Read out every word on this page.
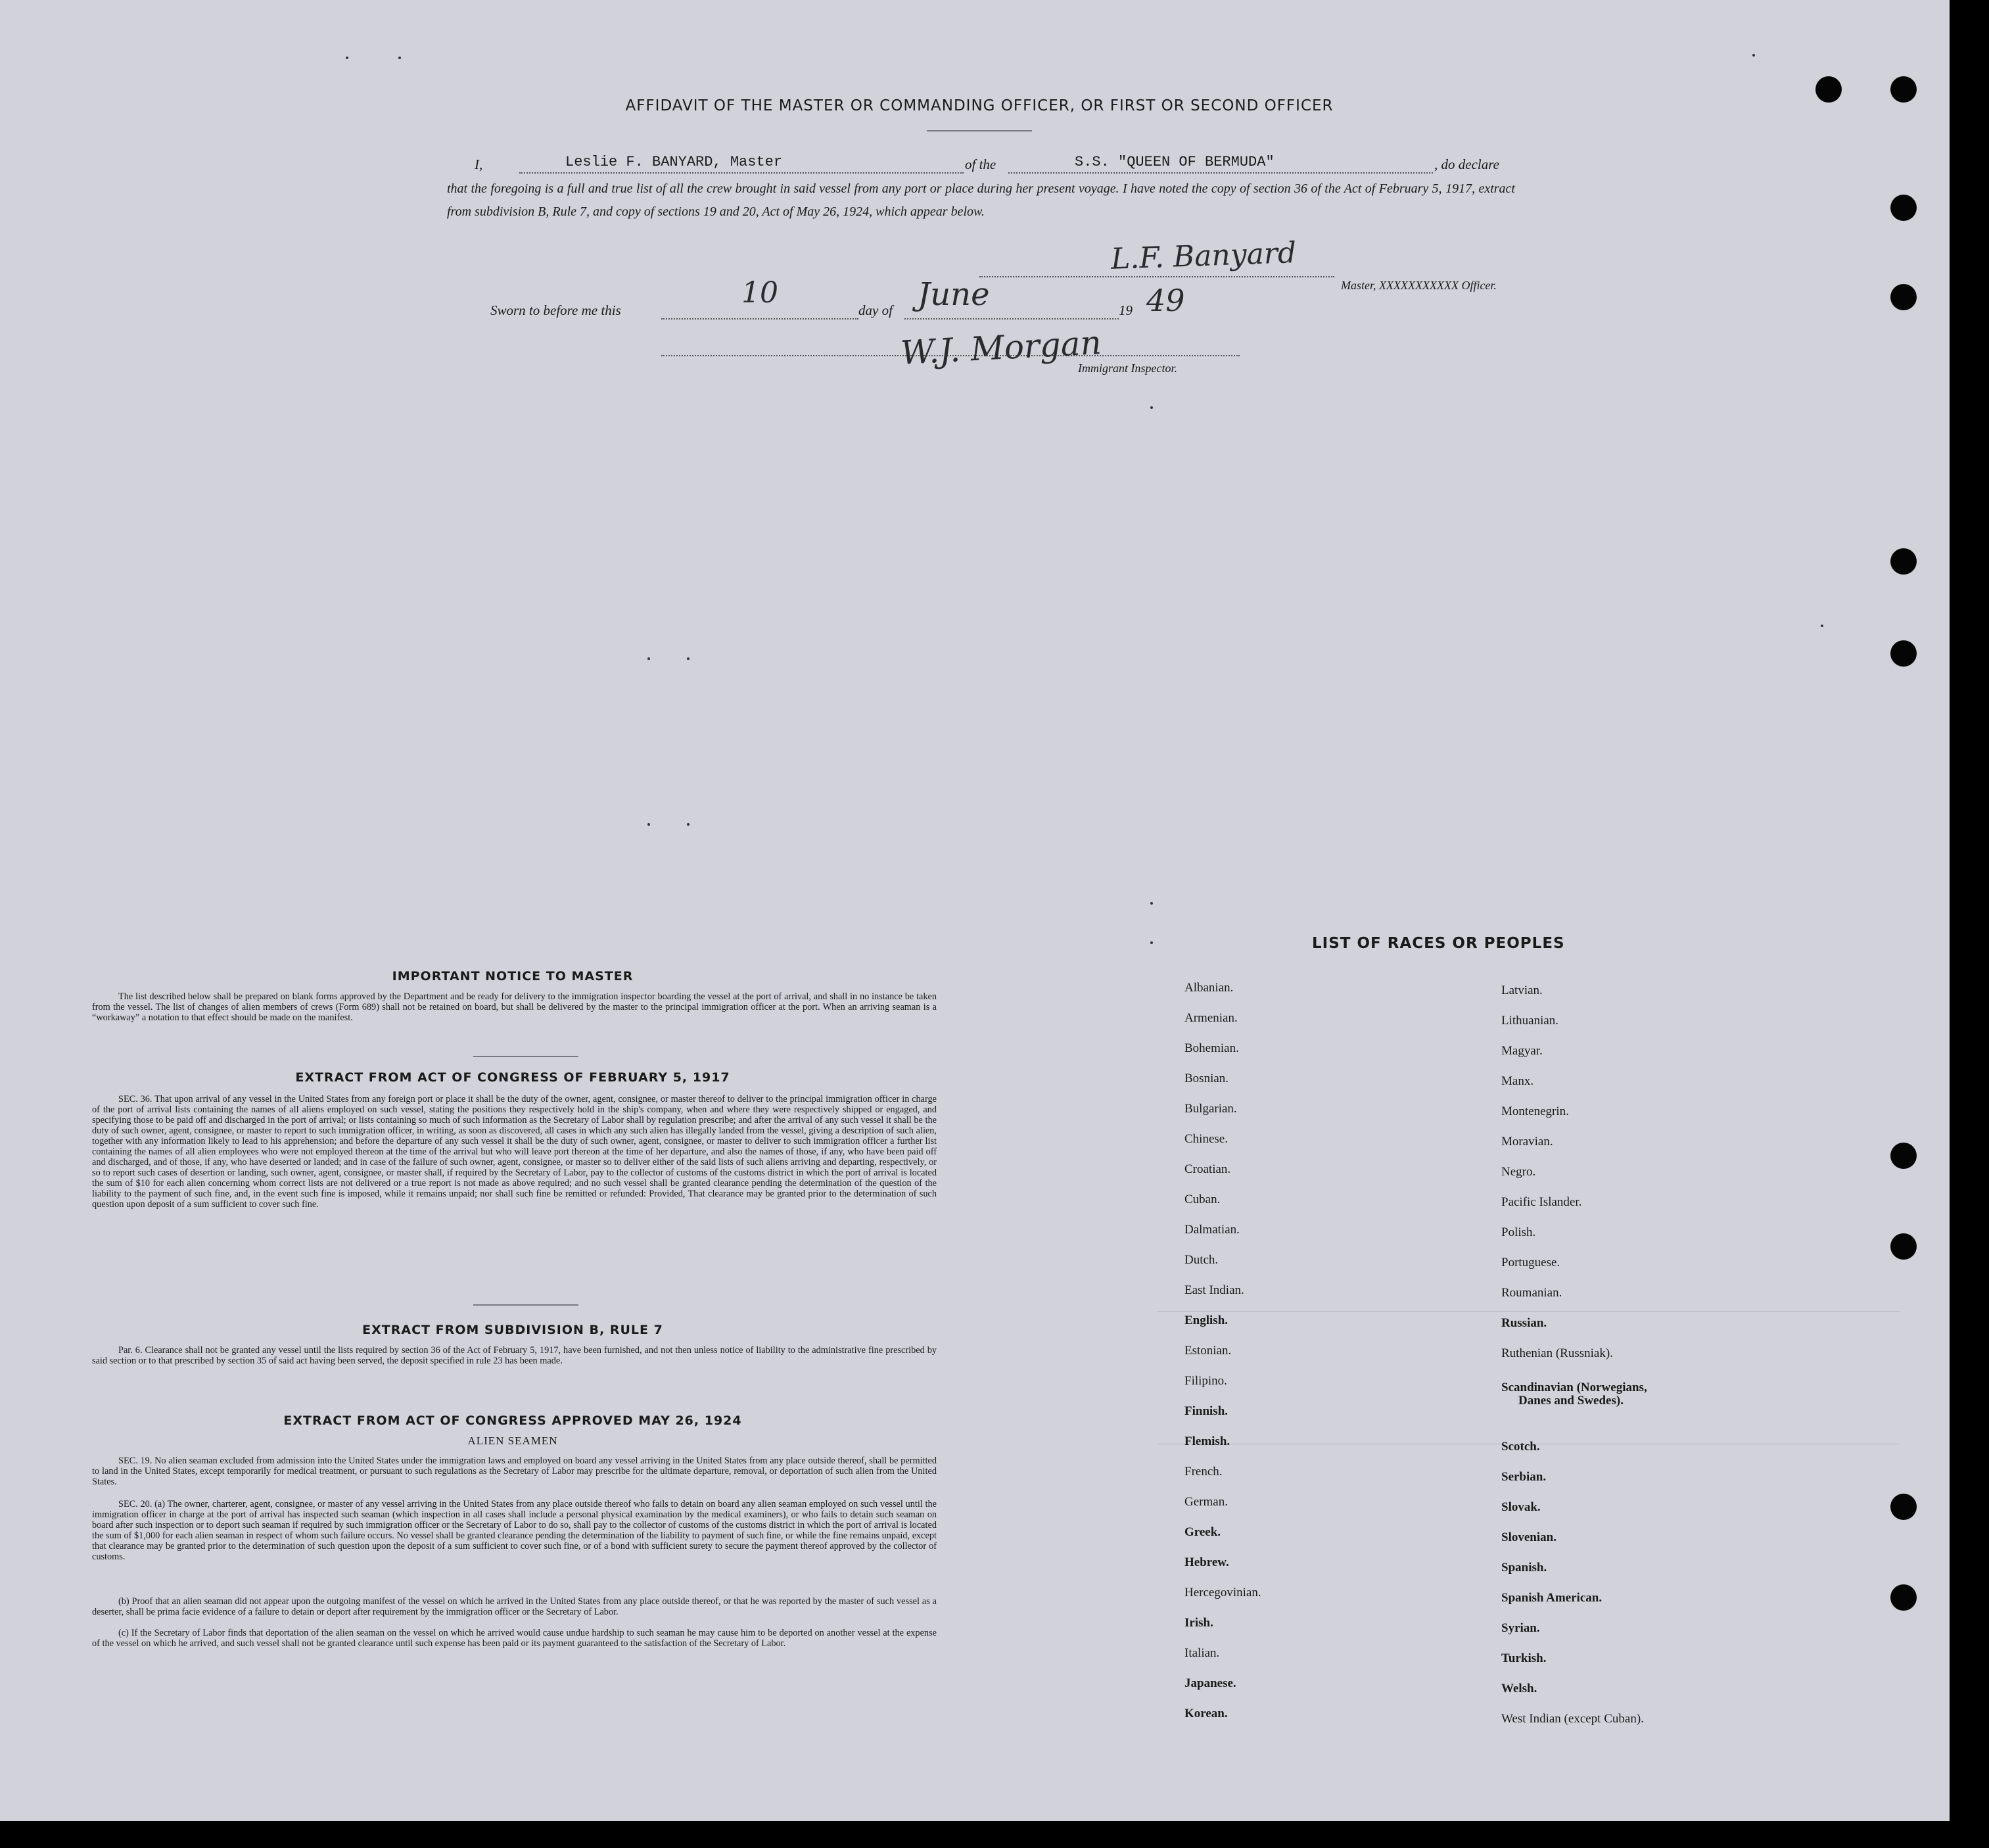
AFFIDAVIT OF THE MASTER OR COMMANDING OFFICER, OR FIRST OR SECOND OFFICER
I,	Leslie F. BANYARD, Master	of the	S.S. "QUEEN OF BERMUDA"	, do declare
that the foregoing is a full and true list of all the crew brought in said vessel from any port or place during her present voyage. I have noted the copy of section 36 of the Act of February 5, 1917, extract from subdivision B, Rule 7, and copy of sections 19 and 20, Act of May 26, 1924, which appear below.
L.F. Banyard
Master, XXXXXXXXXXX Officer.
Sworn to before me this
10
day of June	19 49
W.J. Morgan
Immigrant Inspector.
IMPORTANT NOTICE TO MASTER
The list described below shall be prepared on blank forms approved by the Department and be ready for delivery to the immigration inspector boarding the vessel at the port of arrival, and shall in no instance be taken from the vessel. The list of changes of alien members of crews (Form 689) shall not be retained on board, but shall be delivered by the master to the principal immigration officer at the port. When an arriving seaman is a “workaway” a notation to that effect should be made on the manifest.
EXTRACT FROM ACT OF CONGRESS OF FEBRUARY 5, 1917
SEC. 36. That upon arrival of any vessel in the United States from any foreign port or place it shall be the duty of the owner, agent, consignee, or master thereof to deliver to the principal immigration officer in charge of the port of arrival lists containing the names of all aliens employed on such vessel, stating the positions they respectively hold in the ship's company, when and where they were respectively shipped or engaged, and specifying those to be paid off and discharged in the port of arrival; or lists containing so much of such information as the Secretary of Labor shall by regulation prescribe; and after the arrival of any such vessel it shall be the duty of such owner, agent, consignee, or master to report to such immigration officer, in writing, as soon as discovered, all cases in which any such alien has illegally landed from the vessel, giving a description of such alien, together with any information likely to lead to his apprehension; and before the departure of any such vessel it shall be the duty of such owner, agent, consignee, or master to deliver to such immigration officer a further list containing the names of all alien employees who were not employed thereon at the time of the arrival but who will leave port thereon at the time of her departure, and also the names of those, if any, who have been paid off and discharged, and of those, if any, who have deserted or landed; and in case of the failure of such owner, agent, consignee, or master so to deliver either of the said lists of such aliens arriving and departing, respectively, or so to report such cases of desertion or landing, such owner, agent, consignee, or master shall, if required by the Secretary of Labor, pay to the collector of customs of the customs district in which the port of arrival is located the sum of $10 for each alien concerning whom correct lists are not delivered or a true report is not made as above required; and no such vessel shall be granted clearance pending the determination of the question of the liability to the payment of such fine, and, in the event such fine is imposed, while it remains unpaid; nor shall such fine be remitted or refunded: Provided, That clearance may be granted prior to the determination of such question upon deposit of a sum sufficient to cover such fine.
EXTRACT FROM SUBDIVISION B, RULE 7
Par. 6. Clearance shall not be granted any vessel until the lists required by section 36 of the Act of February 5, 1917, have been furnished, and not then unless notice of liability to the administrative fine prescribed by said section or to that prescribed by section 35 of said act having been served, the deposit specified in rule 23 has been made.
EXTRACT FROM ACT OF CONGRESS APPROVED MAY 26, 1924
ALIEN SEAMEN
SEC. 19. No alien seaman excluded from admission into the United States under the immigration laws and employed on board any vessel arriving in the United States from any place outside thereof, shall be permitted to land in the United States, except temporarily for medical treatment, or pursuant to such regulations as the Secretary of Labor may prescribe for the ultimate departure, removal, or deportation of such alien from the United States.
SEC. 20. (a) The owner, charterer, agent, consignee, or master of any vessel arriving in the United States from any place outside thereof who fails to detain on board any alien seaman employed on such vessel until the immigration officer in charge at the port of arrival has inspected such seaman (which inspection in all cases shall include a personal physical examination by the medical examiners), or who fails to detain such seaman on board after such inspection or to deport such seaman if required by such immigration officer or the Secretary of Labor to do so, shall pay to the collector of customs of the customs district in which the port of arrival is located the sum of $1,000 for each alien seaman in respect of whom such failure occurs. No vessel shall be granted clearance pending the determination of the liability to payment of such fine, or while the fine remains unpaid, except that clearance may be granted prior to the determination of such question upon the deposit of a sum sufficient to cover such fine, or of a bond with sufficient surety to secure the payment thereof approved by the collector of customs.
(b) Proof that an alien seaman did not appear upon the outgoing manifest of the vessel on which he arrived in the United States from any place outside thereof, or that he was reported by the master of such vessel as a deserter, shall be prima facie evidence of a failure to detain or deport after requirement by the immigration officer or the Secretary of Labor.
(c) If the Secretary of Labor finds that deportation of the alien seaman on the vessel on which he arrived would cause undue hardship to such seaman he may cause him to be deported on another vessel at the expense of the vessel on which he arrived, and such vessel shall not be granted clearance until such expense has been paid or its payment guaranteed to the satisfaction of the Secretary of Labor.
LIST OF RACES OR PEOPLES
Albanian.
Armenian.
Bohemian.
Bosnian.
Bulgarian.
Chinese.
Croatian.
Cuban.
Dalmatian.
Dutch.
East Indian.
English.
Estonian.
Filipino.
Finnish.
Flemish.
French.
German.
Greek.
Hebrew.
Hercegovinian.
Irish.
Italian.
Japanese.
Korean.
Latvian.
Lithuanian.
Magyar.
Manx.
Montenegrin.
Moravian.
Negro.
Pacific Islander.
Polish.
Portuguese.
Roumanian.
Russian.
Ruthenian (Russniak).
Scandinavian (Norwegians,
Danes and Swedes).
Scotch.
Serbian.
Slovak.
Slovenian.
Spanish.
Spanish American.
Syrian.
Turkish.
Welsh.
West Indian (except Cuban).
